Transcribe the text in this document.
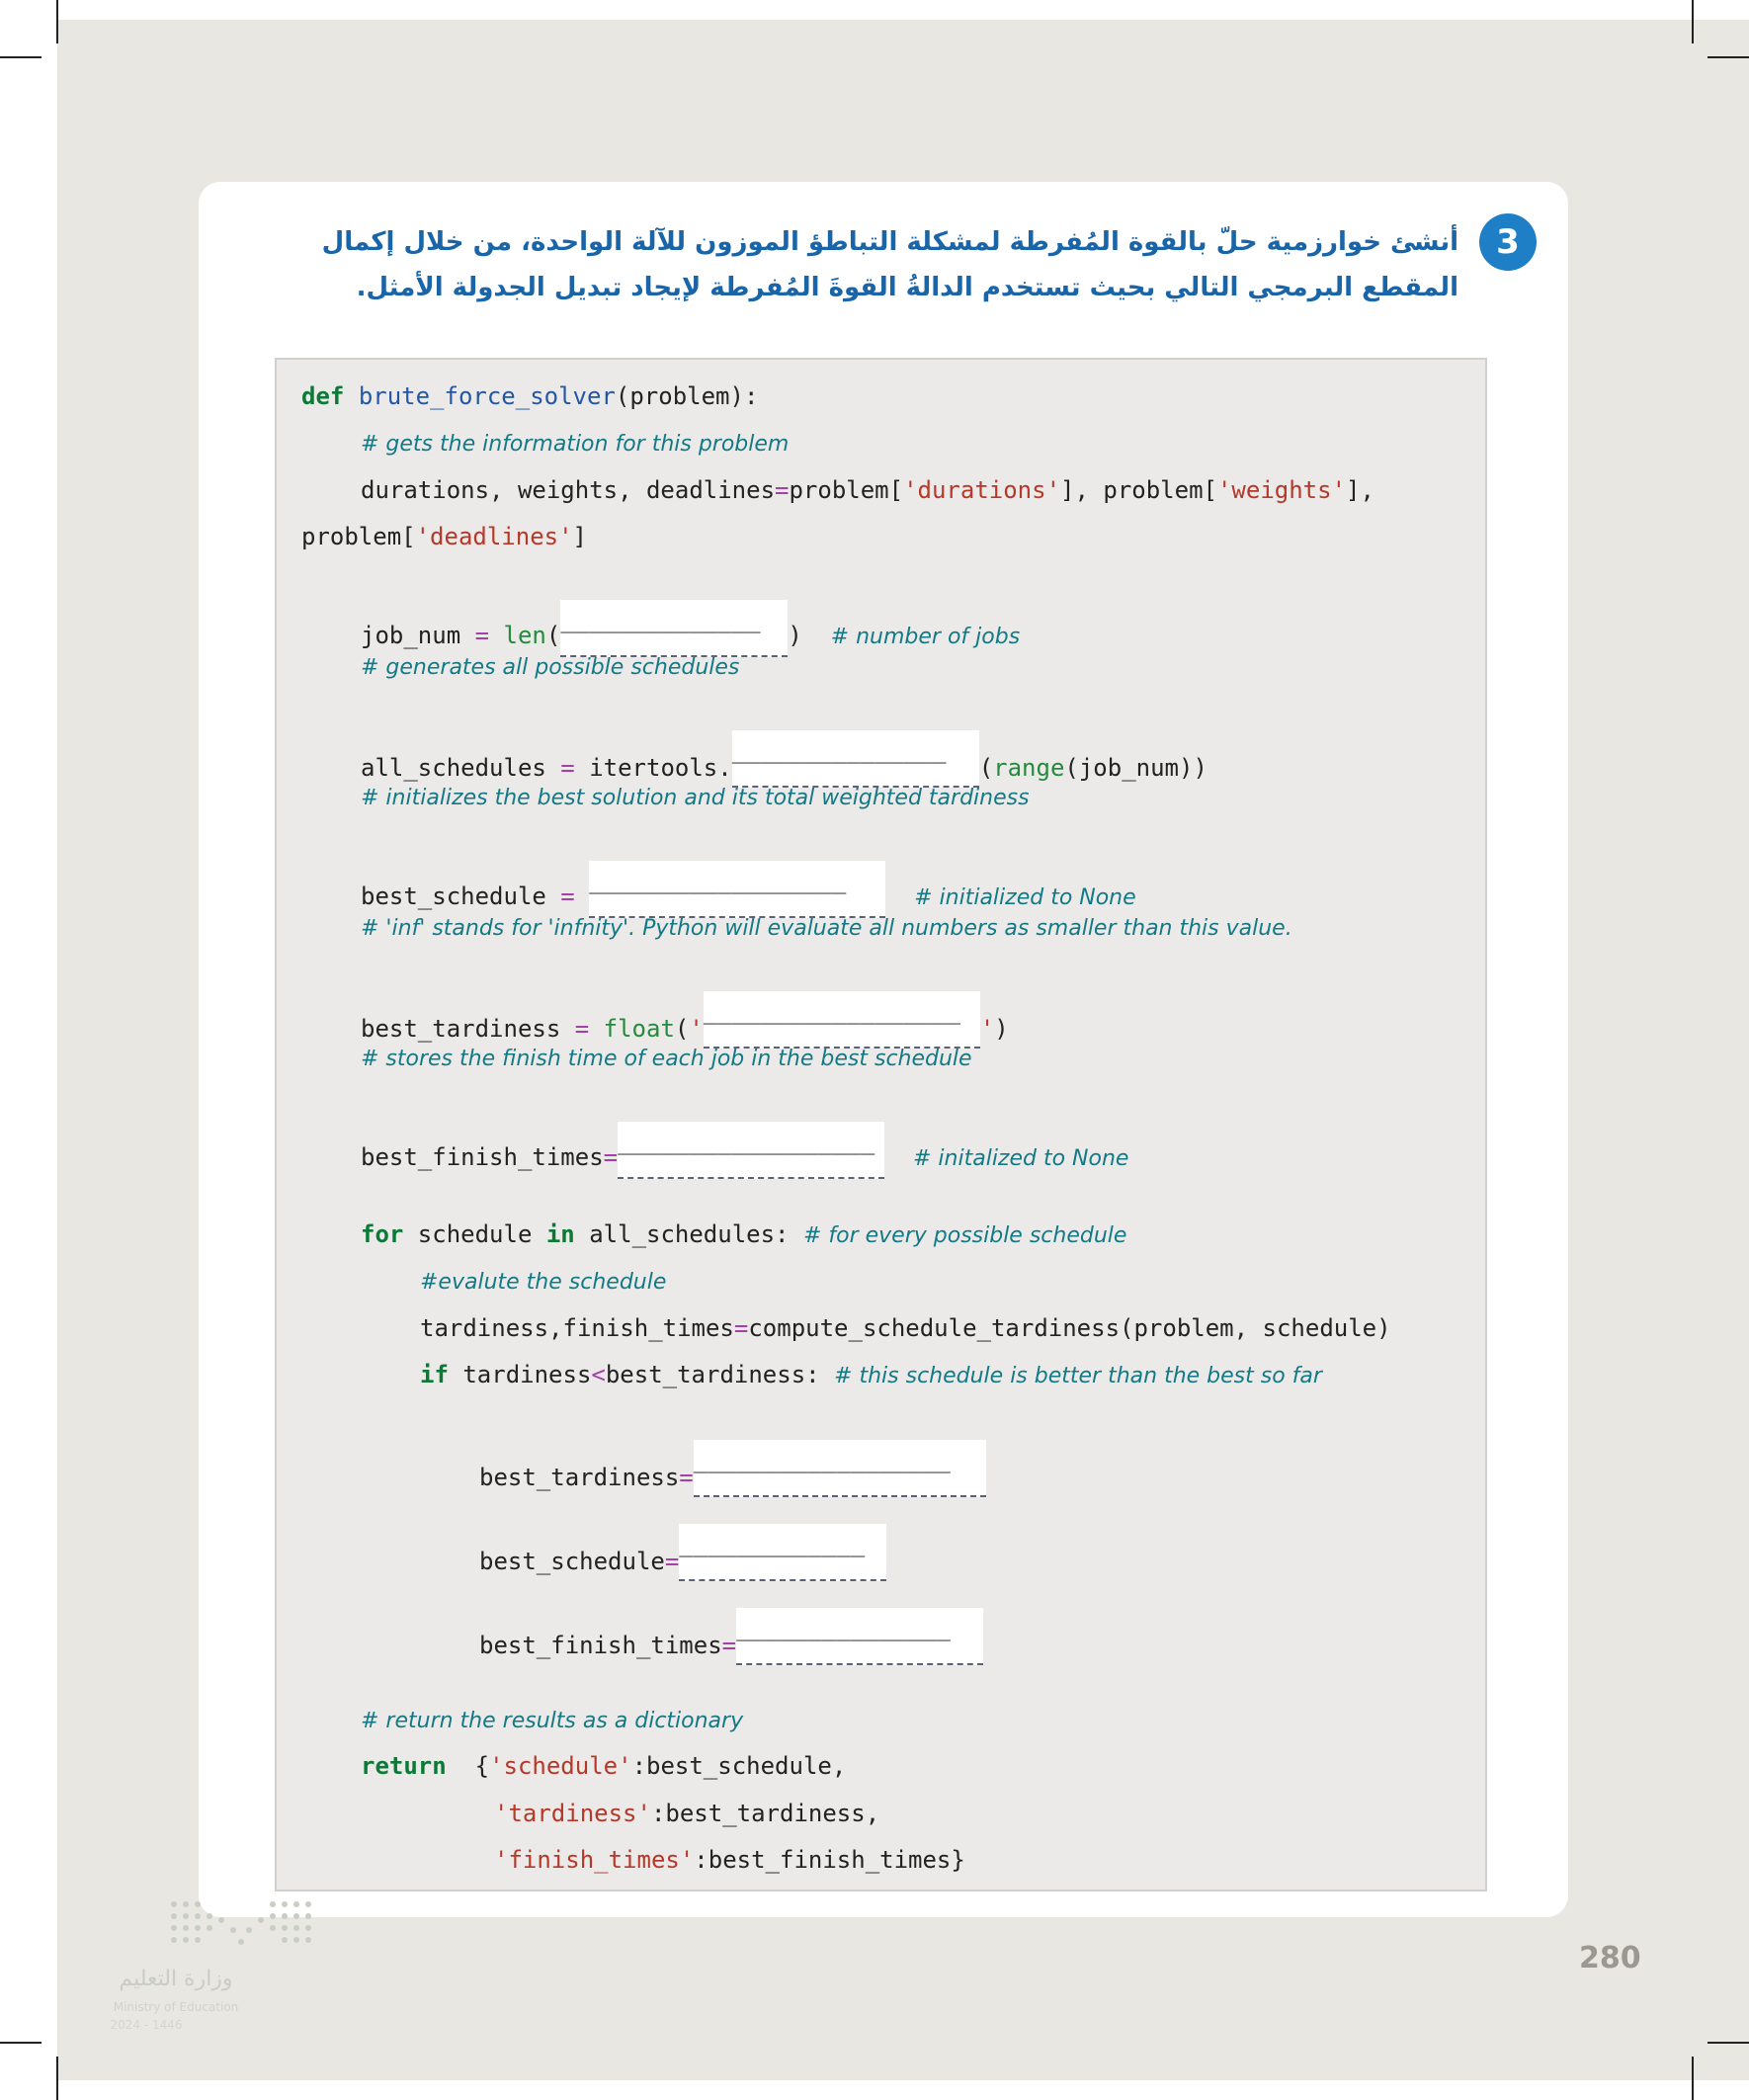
3
أنشئ خوارزمية حلّ بالقوة المُفرطة لمشكلة التباطؤ الموزون للآلة الواحدة، من خلال إكمال المقطع البرمجي التالي بحيث تستخدم الدالةُ القوةَ المُفرطة لإيجاد تبديل الجدولة الأمثل.
def brute_force_solver(problem):
# gets the information for this problem
durations, weights, deadlines=problem['durations'], problem['weights'],
problem['deadlines']
job_num = len(______________) # number of jobs
# generates all possible schedules
all_schedules = itertools._______________(range(job_num))
# initializes the best solution and its total weighted tardiness
best_schedule = __________________  # initialized to None
# 'inf' stands for 'infnity'. Python will evaluate all numbers as smaller than this value.
best_tardiness = float('__________________')
# stores the finish time of each job in the best schedule
best_finish_times=__________________  # initalized to None
for schedule in all_schedules: # for every possible schedule
#evalute the schedule
tardiness,finish_times=compute_schedule_tardiness(problem, schedule)
if tardiness<best_tardiness: # this schedule is better than the best so far
best_tardiness=__________________
best_schedule=_____________
best_finish_times=_______________
# return the results as a dictionary
return  {'schedule':best_schedule,
'tardiness':best_tardiness,
'finish_times':best_finish_times}
وزارة التعليم
Ministry of Education
2024 - 1446
280
